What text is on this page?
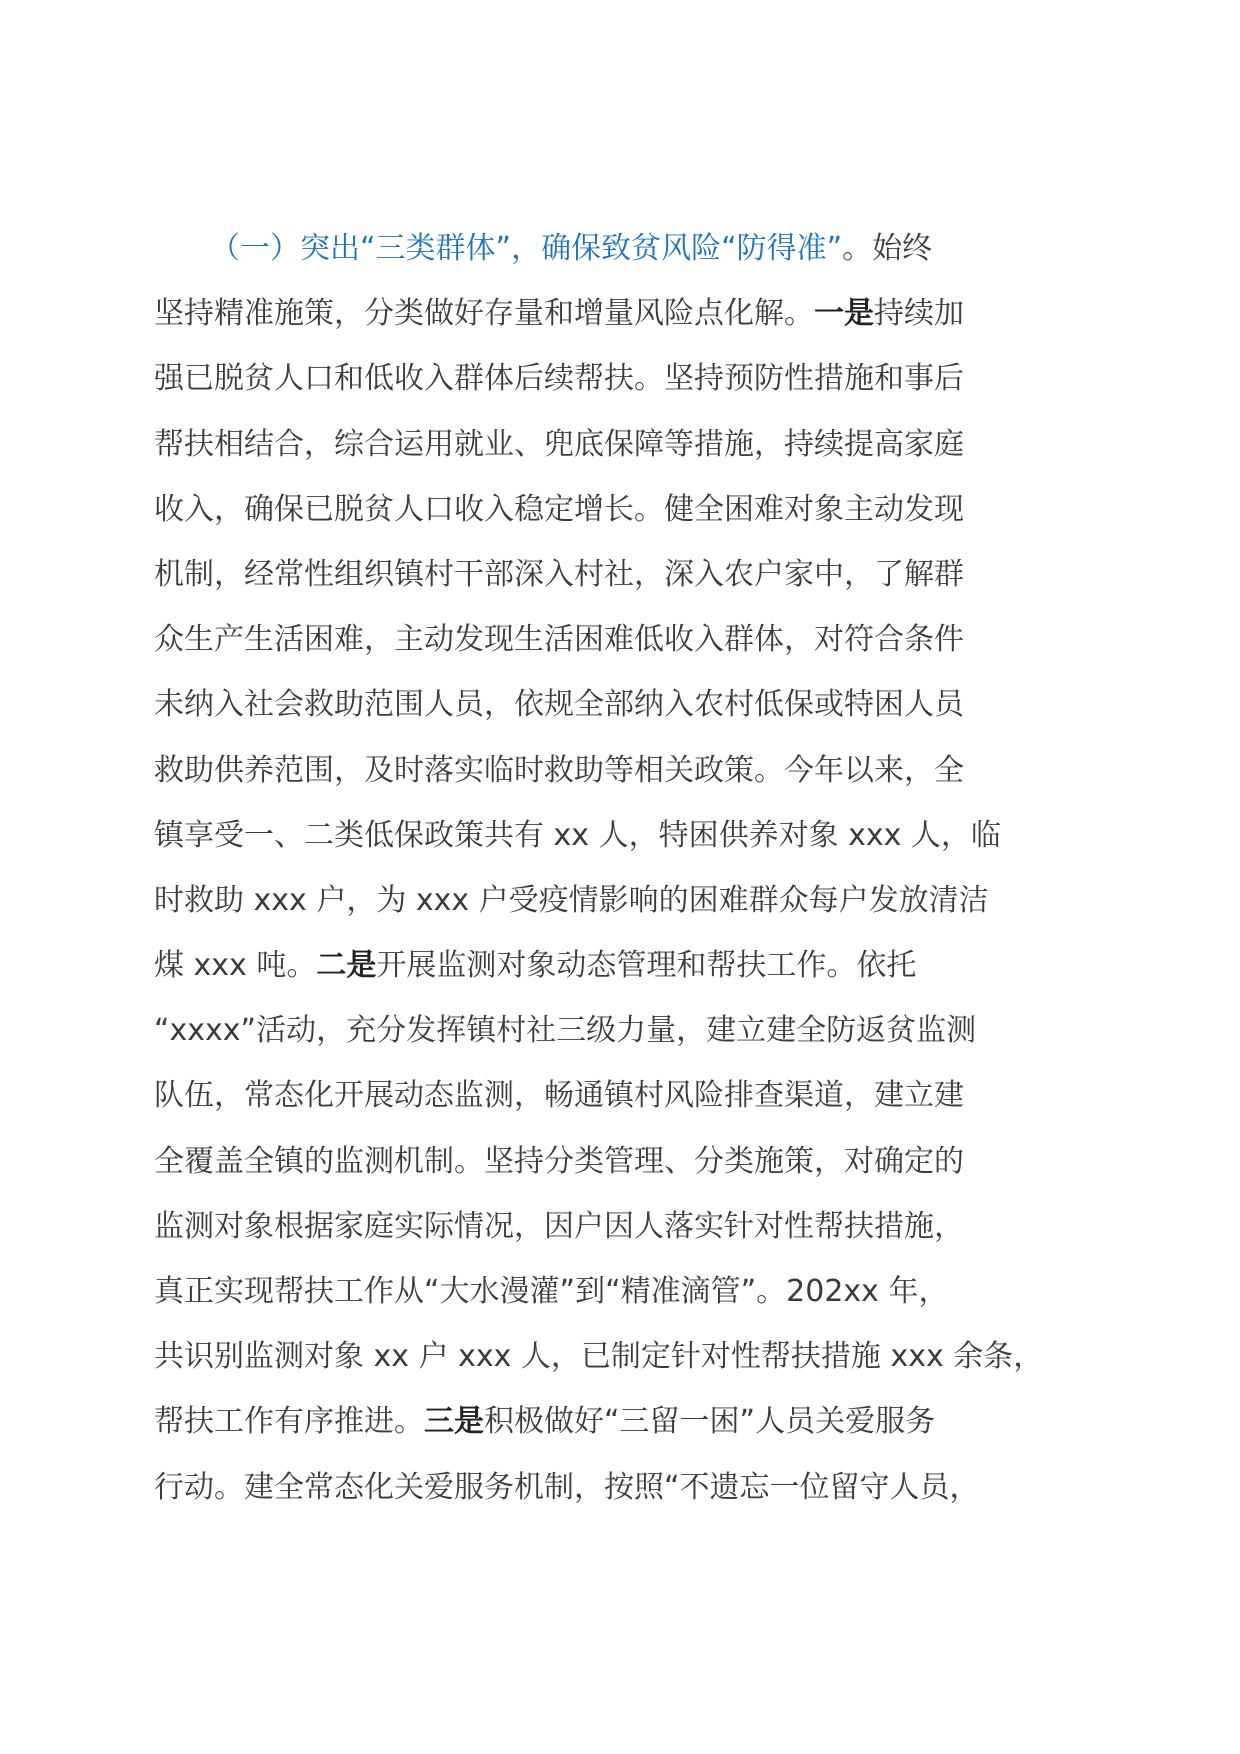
（一）突出“三类群体”，确保致贫风险“防得准”。始终
坚持精准施策，分类做好存量和增量风险点化解。一是持续加
强已脱贫人口和低收入群体后续帮扶。坚持预防性措施和事后
帮扶相结合，综合运用就业、兜底保障等措施，持续提高家庭
收入，确保已脱贫人口收入稳定增长。健全困难对象主动发现
机制，经常性组织镇村干部深入村社，深入农户家中，了解群
众生产生活困难，主动发现生活困难低收入群体，对符合条件
未纳入社会救助范围人员，依规全部纳入农村低保或特困人员
救助供养范围，及时落实临时救助等相关政策。今年以来，全
镇享受一、二类低保政策共有 xx 人，特困供养对象 xxx 人，临
时救助 xxx 户，为 xxx 户受疫情影响的困难群众每户发放清洁
煤 xxx 吨。二是开展监测对象动态管理和帮扶工作。依托
“xxxx”活动，充分发挥镇村社三级力量，建立建全防返贫监测
队伍，常态化开展动态监测，畅通镇村风险排查渠道，建立建
全覆盖全镇的监测机制。坚持分类管理、分类施策，对确定的
监测对象根据家庭实际情况，因户因人落实针对性帮扶措施，
真正实现帮扶工作从“大水漫灌”到“精准滴管”。202xx 年，
共识别监测对象 xx 户 xxx 人，已制定针对性帮扶措施 xxx 余条，
帮扶工作有序推进。三是积极做好“三留一困”人员关爱服务
行动。建全常态化关爱服务机制，按照“不遗忘一位留守人员，
